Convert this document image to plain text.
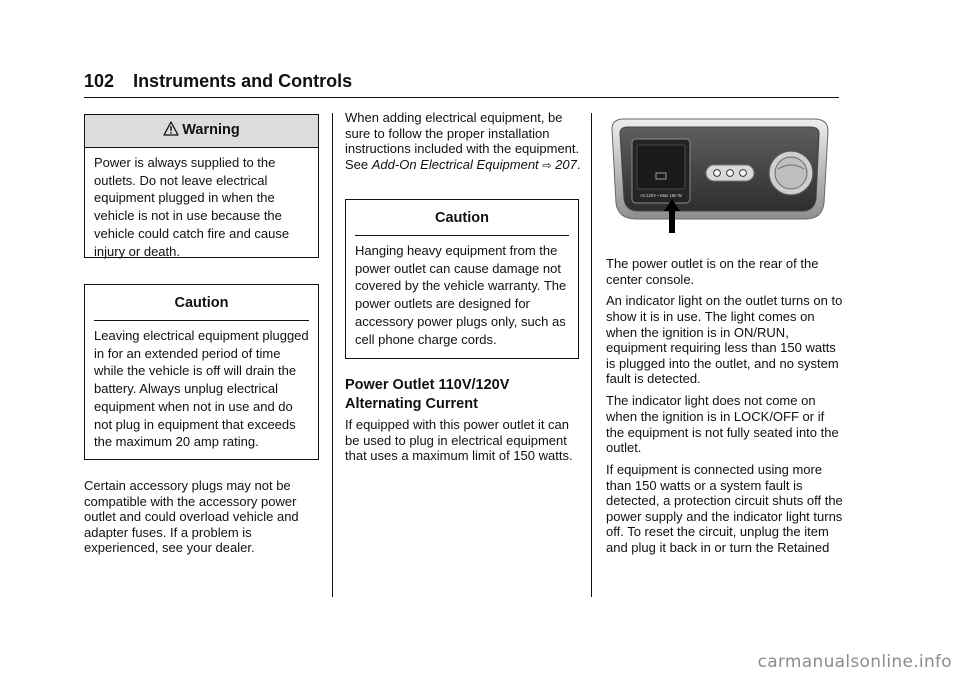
102 Instruments and Controls
Warning
Power is always supplied to the outlets. Do not leave electrical equipment plugged in when the vehicle is not in use because the vehicle could catch fire and cause injury or death.
Caution
Leaving electrical equipment plugged in for an extended period of time while the vehicle is off will drain the battery. Always unplug electrical equipment when not in use and do not plug in equipment that exceeds the maximum 20 amp rating.

Certain accessory plugs may not be compatible with the accessory power outlet and could overload vehicle and adapter fuses. If a problem is experienced, see your dealer.

When adding electrical equipment, be sure to follow the proper installation instructions included with the equipment. See Add-On Electrical Equipment ⇨ 207.

Caution
Hanging heavy equipment from the power outlet can cause damage not covered by the vehicle warranty. The power outlets are designed for accessory power plugs only, such as cell phone charge cords.
Power Outlet 110V/120V Alternating Current

If equipped with this power outlet it can be used to plug in electrical equipment that uses a maximum limit of 150 watts.

AC120V • Max 150 W

The power outlet is on the rear of the center console.

An indicator light on the outlet turns on to show it is in use. The light comes on when the ignition is in ON/RUN, equipment requiring less than 150 watts is plugged into the outlet, and no system fault is detected.

The indicator light does not come on when the ignition is in LOCK/OFF or if the equipment is not fully seated into the outlet.

If equipment is connected using more than 150 watts or a system fault is detected, a protection circuit shuts off the power supply and the indicator light turns off. To reset the circuit, unplug the item and plug it back in or turn the Retained

carmanualsonline.info
